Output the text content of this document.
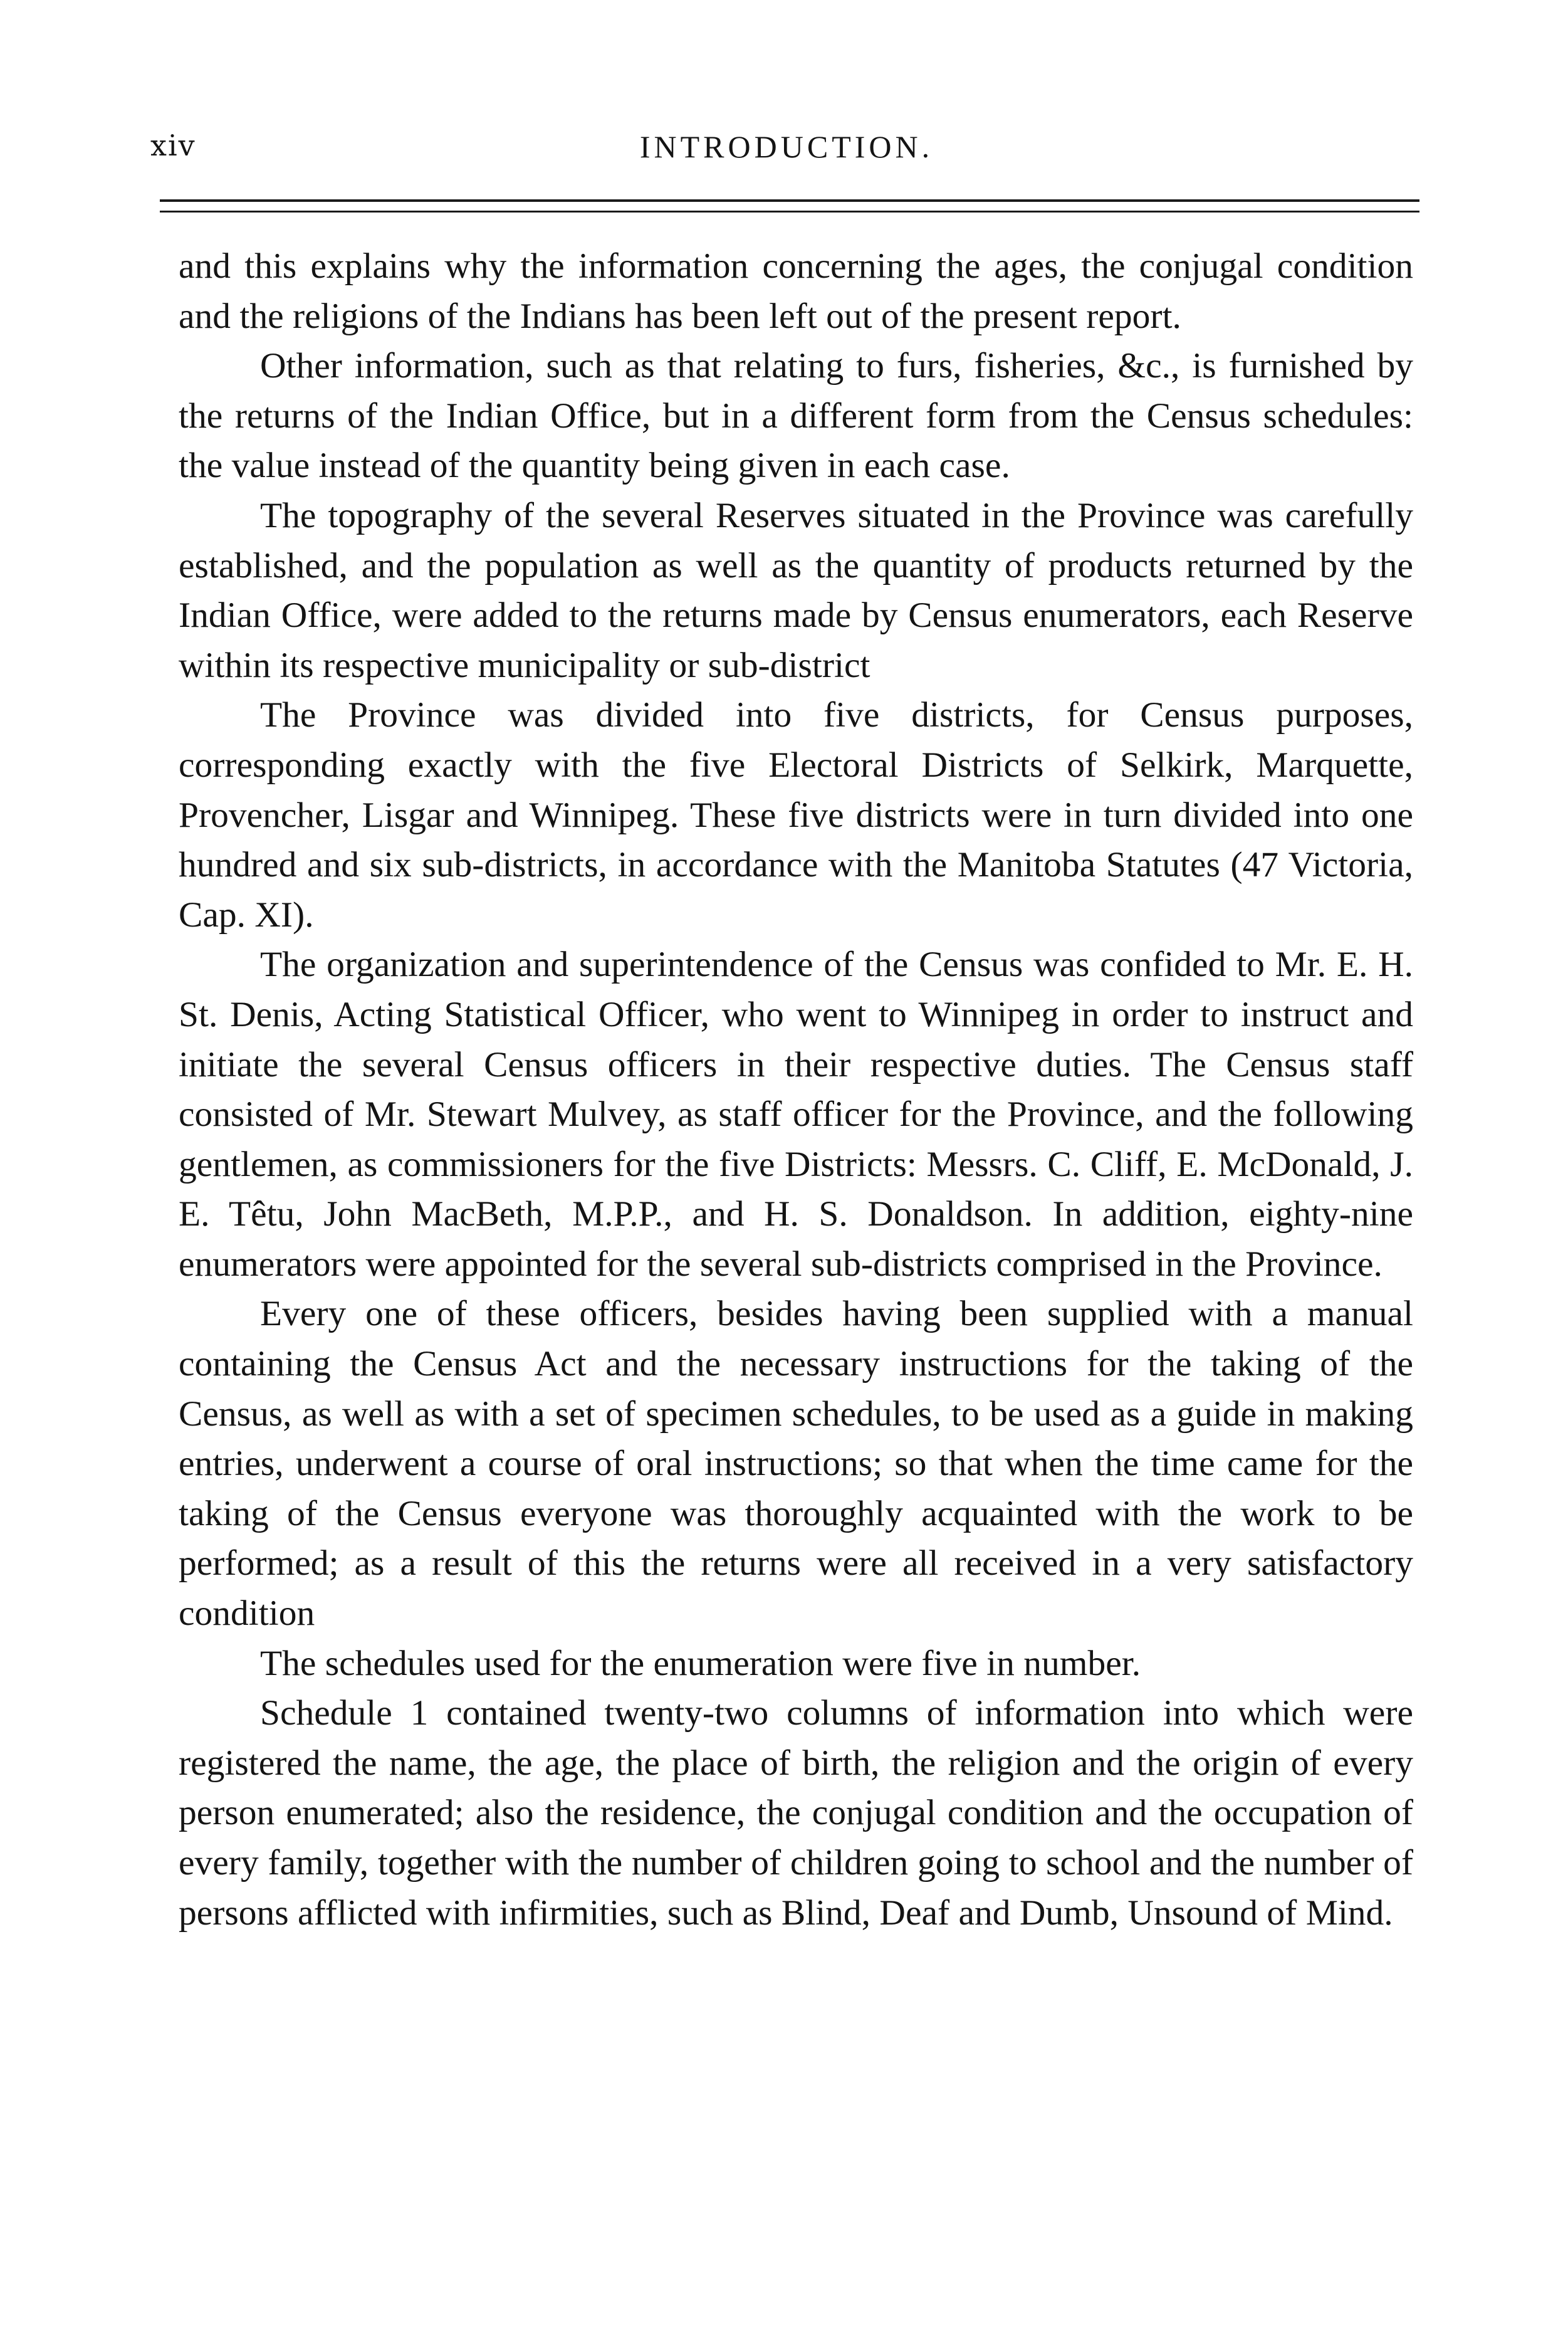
xiv	INTRODUCTION.

and this explains why the information concerning the ages, the conjugal condition and the religions of the Indians has been left out of the present report.

Other information, such as that relating to furs, fisheries, &c., is furnished by the returns of the Indian Office, but in a different form from the Census schedules: the value instead of the quantity being given in each case.

The topography of the several Reserves situated in the Province was carefully established, and the population as well as the quantity of products returned by the Indian Office, were added to the returns made by Census enumerators, each Reserve within its respective municipality or sub-district

The Province was divided into five districts, for Census purposes, corresponding exactly with the five Electoral Districts of Selkirk, Marquette, Provencher, Lisgar and Winnipeg. These five districts were in turn divided into one hundred and six sub-districts, in accordance with the Manitoba Statutes (47 Victoria, Cap. XI).

The organization and superintendence of the Census was confided to Mr. E. H. St. Denis, Acting Statistical Officer, who went to Winnipeg in order to instruct and initiate the several Census officers in their respective duties. The Census staff consisted of Mr. Stewart Mulvey, as staff officer for the Province, and the following gentlemen, as commissioners for the five Districts: Messrs. C. Cliff, E. McDonald, J. E. Têtu, John MacBeth, M.P.P., and H. S. Donaldson. In addition, eighty-nine enumerators were appointed for the several sub-districts comprised in the Province.

Every one of these officers, besides having been supplied with a manual containing the Census Act and the necessary instructions for the taking of the Census, as well as with a set of specimen schedules, to be used as a guide in making entries, underwent a course of oral instructions; so that when the time came for the taking of the Census everyone was thoroughly acquainted with the work to be performed; as a result of this the returns were all received in a very satisfactory condition

The schedules used for the enumeration were five in number.

Schedule 1 contained twenty-two columns of information into which were registered the name, the age, the place of birth, the religion and the origin of every person enumerated; also the residence, the conjugal condition and the occupation of every family, together with the number of children going to school and the number of persons afflicted with infirmities, such as Blind, Deaf and Dumb, Unsound of Mind.
